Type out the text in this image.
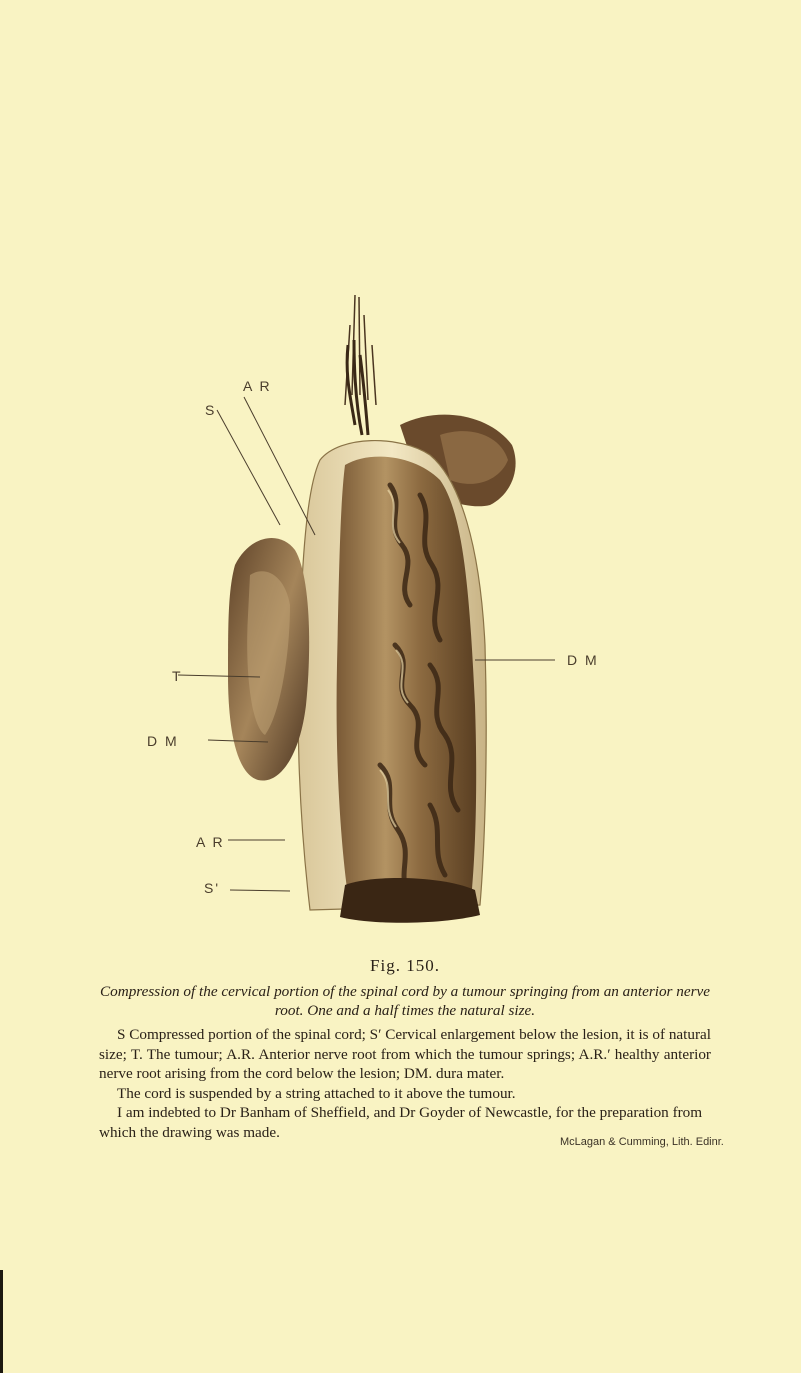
A R
S
T
D M
D M
A R
S'

Fig. 150.

Compression of the cervical portion of the spinal cord by a tumour springing from an anterior nerve root. One and a half times the natural size.

S Compressed portion of the spinal cord; S′ Cervical enlargement below the lesion, it is of natural size; T. The tumour; A.R. Anterior nerve root from which the tumour springs; A.R.′ healthy anterior nerve root arising from the cord below the lesion; DM. dura mater.

The cord is suspended by a string attached to it above the tumour.

I am indebted to Dr Banham of Sheffield, and Dr Goyder of Newcastle, for the preparation from which the drawing was made.

McLagan & Cumming, Lith. Edinr.
